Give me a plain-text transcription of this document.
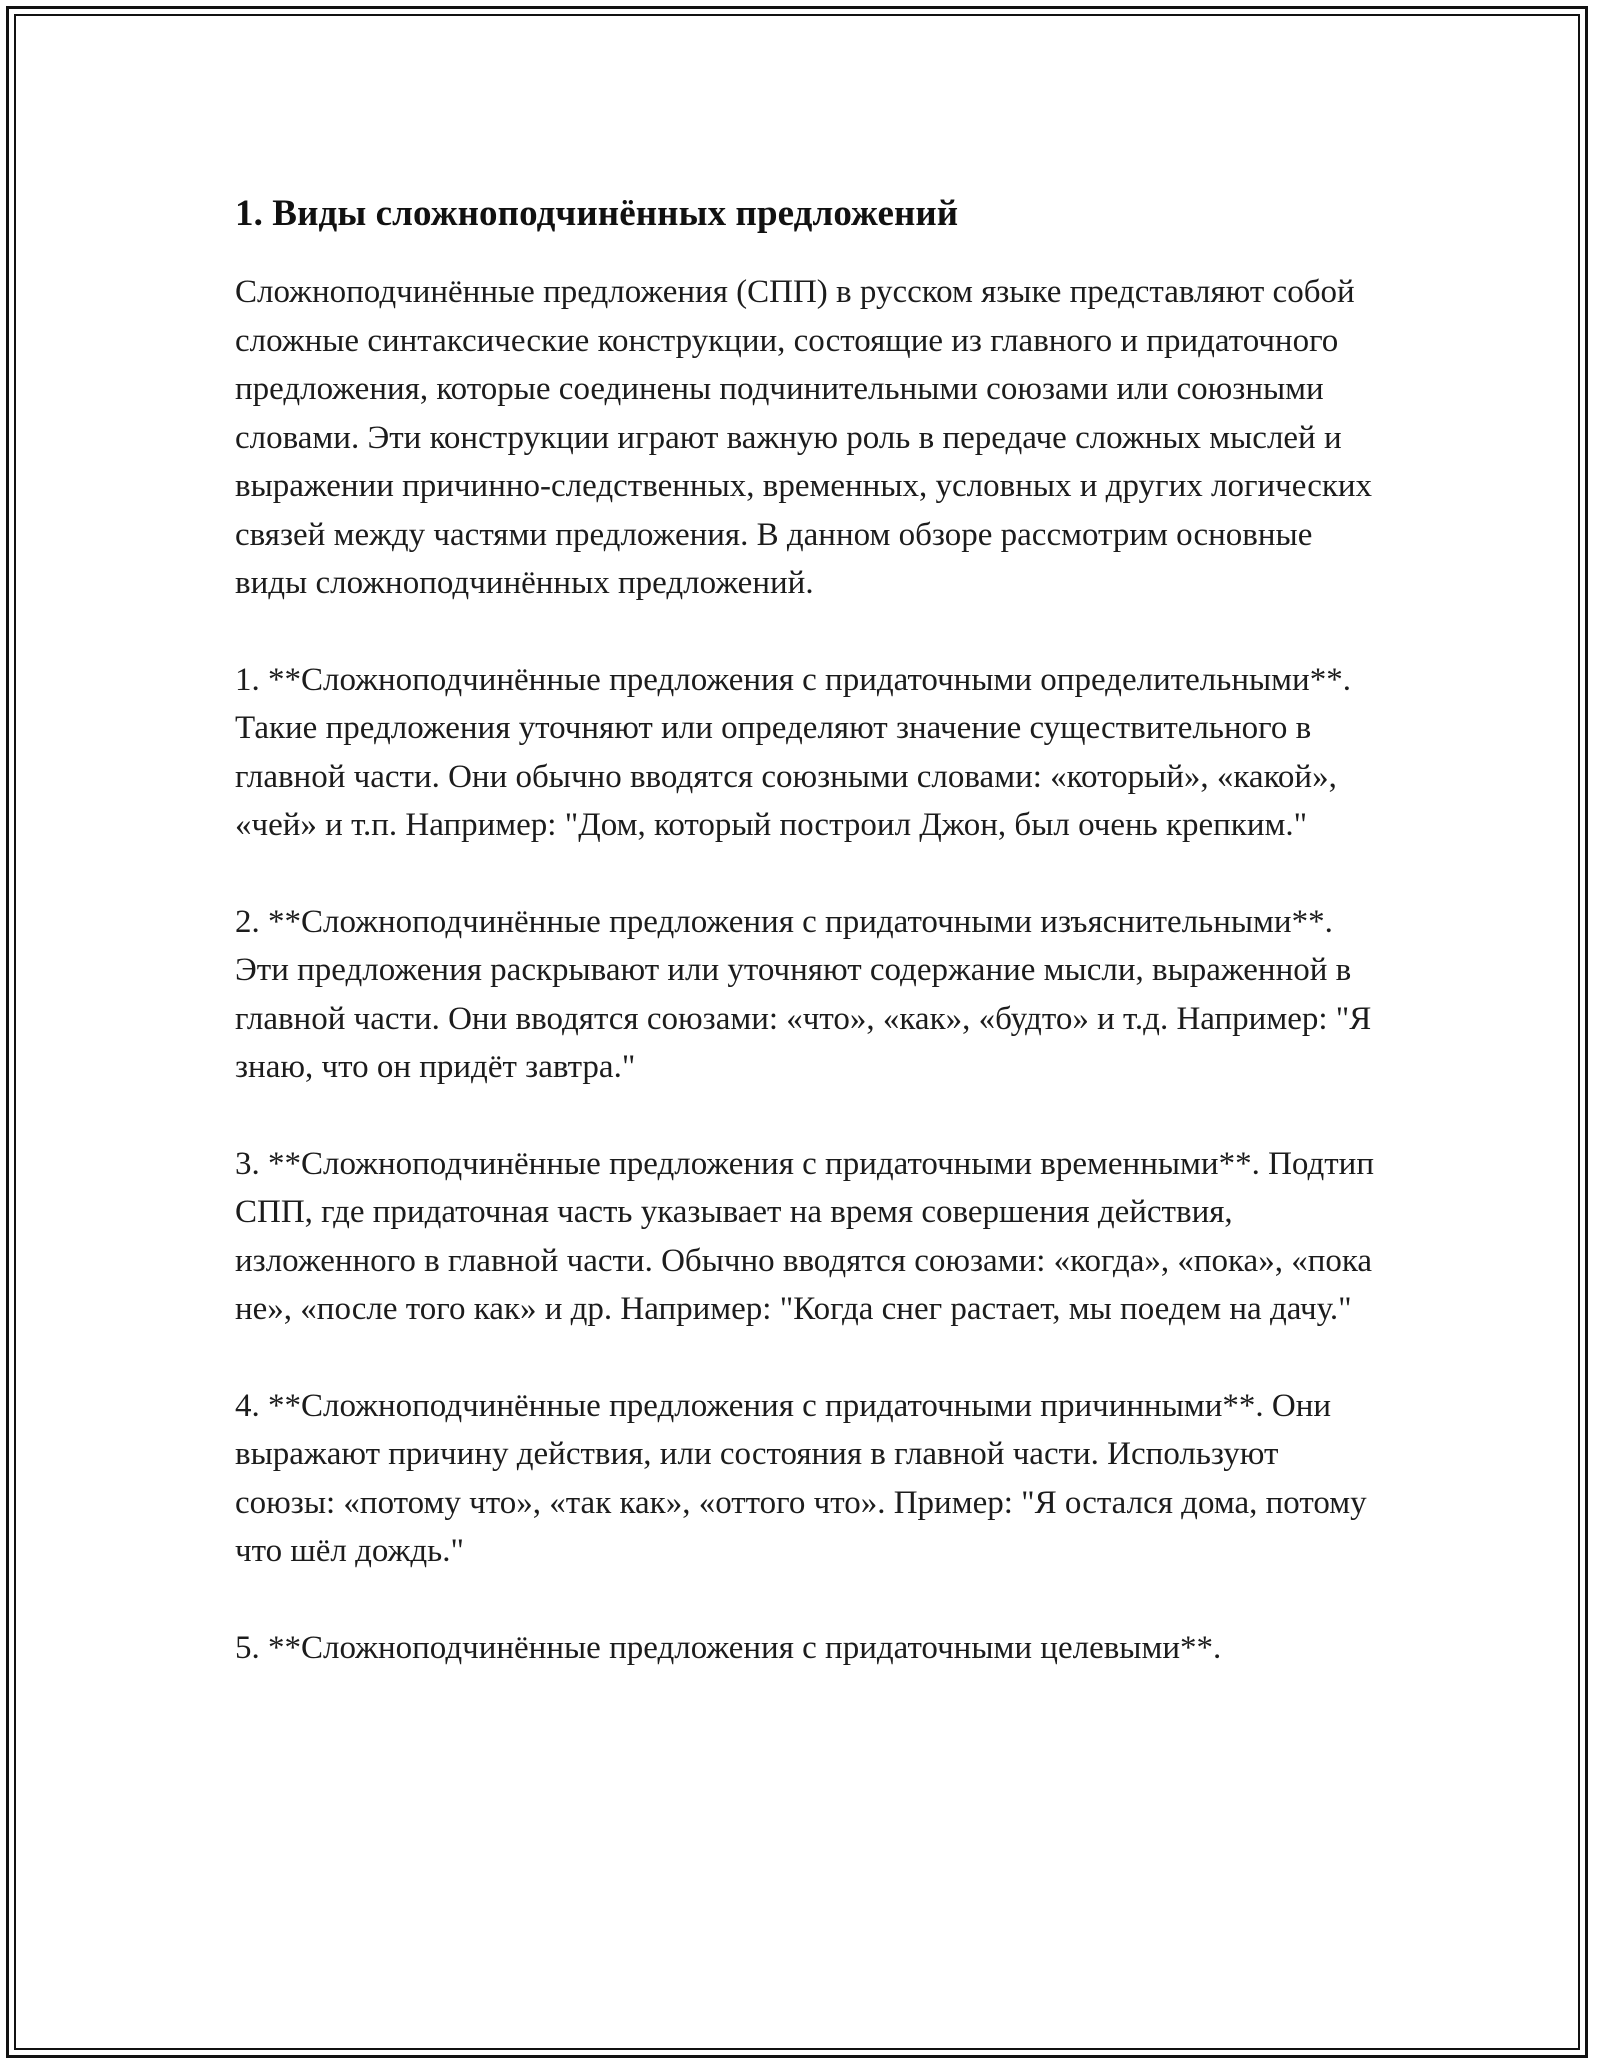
1. Виды сложноподчинённых предложений

Сложноподчинённые предложения (СПП) в русском языке представляют собой сложные синтаксические конструкции, состоящие из главного и придаточного предложения, которые соединены подчинительными союзами или союзными словами. Эти конструкции играют важную роль в передаче сложных мыслей и выражении причинно-следственных, временных, условных и других логических связей между частями предложения. В данном обзоре рассмотрим основные виды сложноподчинённых предложений.

1. **Сложноподчинённые предложения с придаточными определительными**. Такие предложения уточняют или определяют значение существительного в главной части. Они обычно вводятся союзными словами: «который», «какой», «чей» и т.п. Например: "Дом, который построил Джон, был очень крепким."

2. **Сложноподчинённые предложения с придаточными изъяснительными**. Эти предложения раскрывают или уточняют содержание мысли, выраженной в главной части. Они вводятся союзами: «что», «как», «будто» и т.д. Например: "Я знаю, что он придёт завтра."

3. **Сложноподчинённые предложения с придаточными временными**. Подтип СПП, где придаточная часть указывает на время совершения действия, изложенного в главной части. Обычно вводятся союзами: «когда», «пока», «пока не», «после того как» и др. Например: "Когда снег растает, мы поедем на дачу."

4. **Сложноподчинённые предложения с придаточными причинными**. Они выражают причину действия, или состояния в главной части. Используют союзы: «потому что», «так как», «оттого что». Пример: "Я остался дома, потому что шёл дождь."

5. **Сложноподчинённые предложения с придаточными целевыми**.
